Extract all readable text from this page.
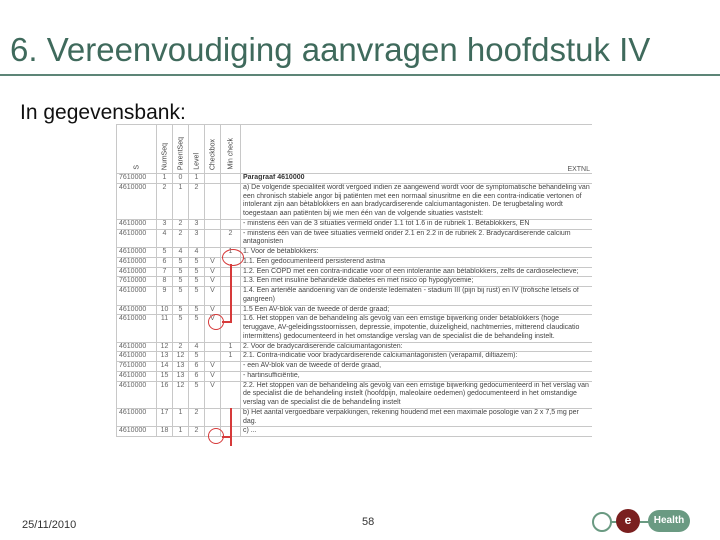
6. Vereenvoudiging aanvragen hoofdstuk IV
In gegevensbank:
S	NumSeq	ParentSeq	Level	Checkbox	Min check	EXTNL
7610000	1	0	1			Paragraaf 4610000
4610000	2	1	2			a) De volgende specialiteit wordt vergoed indien ze aangewend wordt voor de symptomatische behandeling van een chronisch stabiele angor bij patiënten met een normaal sinusritme en die een contra-indicatie vertonen of intolerant zijn aan bètablokkers en aan bradycardiserende calciumantagonisten. De terugbetaling wordt toegestaan aan patiënten bij wie men één van de volgende situaties vaststelt:
4610000	3	2	3			- minstens één van de 3 situaties vermeld onder 1.1 tot 1.6 in de rubriek 1. Bètablokkers, EN
4610000	4	2	3		2	- minstens één van de twee situaties vermeld onder 2.1 en 2.2 in de rubriek 2. Bradycardiserende calcium antagonisten
4610000	5	4	4		1	1. Voor de bètablokkers:
4610000	6	5	5	V		1.1. Een gedocumenteerd persisterend astma
4610000	7	5	5	V		1.2. Een COPD met een contra-indicatie voor of een intolerantie aan bètablokkers, zelfs de cardioselectieve;
7610000	8	5	5	V		1.3. Een met insuline behandelde diabetes en met risico op hypoglycemie;
4610000	9	5	5	V		1.4. Een arteriële aandoening van de onderste ledematen - stadium III (pijn bij rust) en IV (trofische letsels of gangreen)
4610000	10	5	5	V		1.5 Een AV-blok van de tweede of derde graad;
4610000	11	5	5	V		1.6. Het stoppen van de behandeling als gevolg van een ernstige bijwerking onder bètablokkers (hoge teruggave, AV-geleidingsstoornissen, depressie, impotentie, duizeligheid, nachtmerries, mitterend claudicatio intermittens) gedocumenteerd in het omstandige verslag van de specialist die de behandeling instelt.
4610000	12	2	4		1	2. Voor de bradycardiserende calciumantagonisten:
4610000	13	12	5		1	2.1. Contra-indicatie voor bradycardiserende calciumantagonisten (verapamil, diltiazem):
7610000	14	13	6	V		- een AV-blok van de tweede of derde graad,
4610000	15	13	6	V		- hartinsufficiëntie,
4610000	16	12	5	V		2.2. Het stoppen van de behandeling als gevolg van een ernstige bijwerking gedocumenteerd in het verslag van de specialist die de behandeling instelt (hoofdpijn, maleolaire oedemen) gedocumenteerd in het omstandige verslag van de specialist die de behandeling instelt
4610000	17	1	2			b) Het aantal vergoedbare verpakkingen, rekening houdend met een maximale posologie van 2 x 7,5 mg per dag.
4610000	18	1	2			c) ...
25/11/2010	58	e	Health
